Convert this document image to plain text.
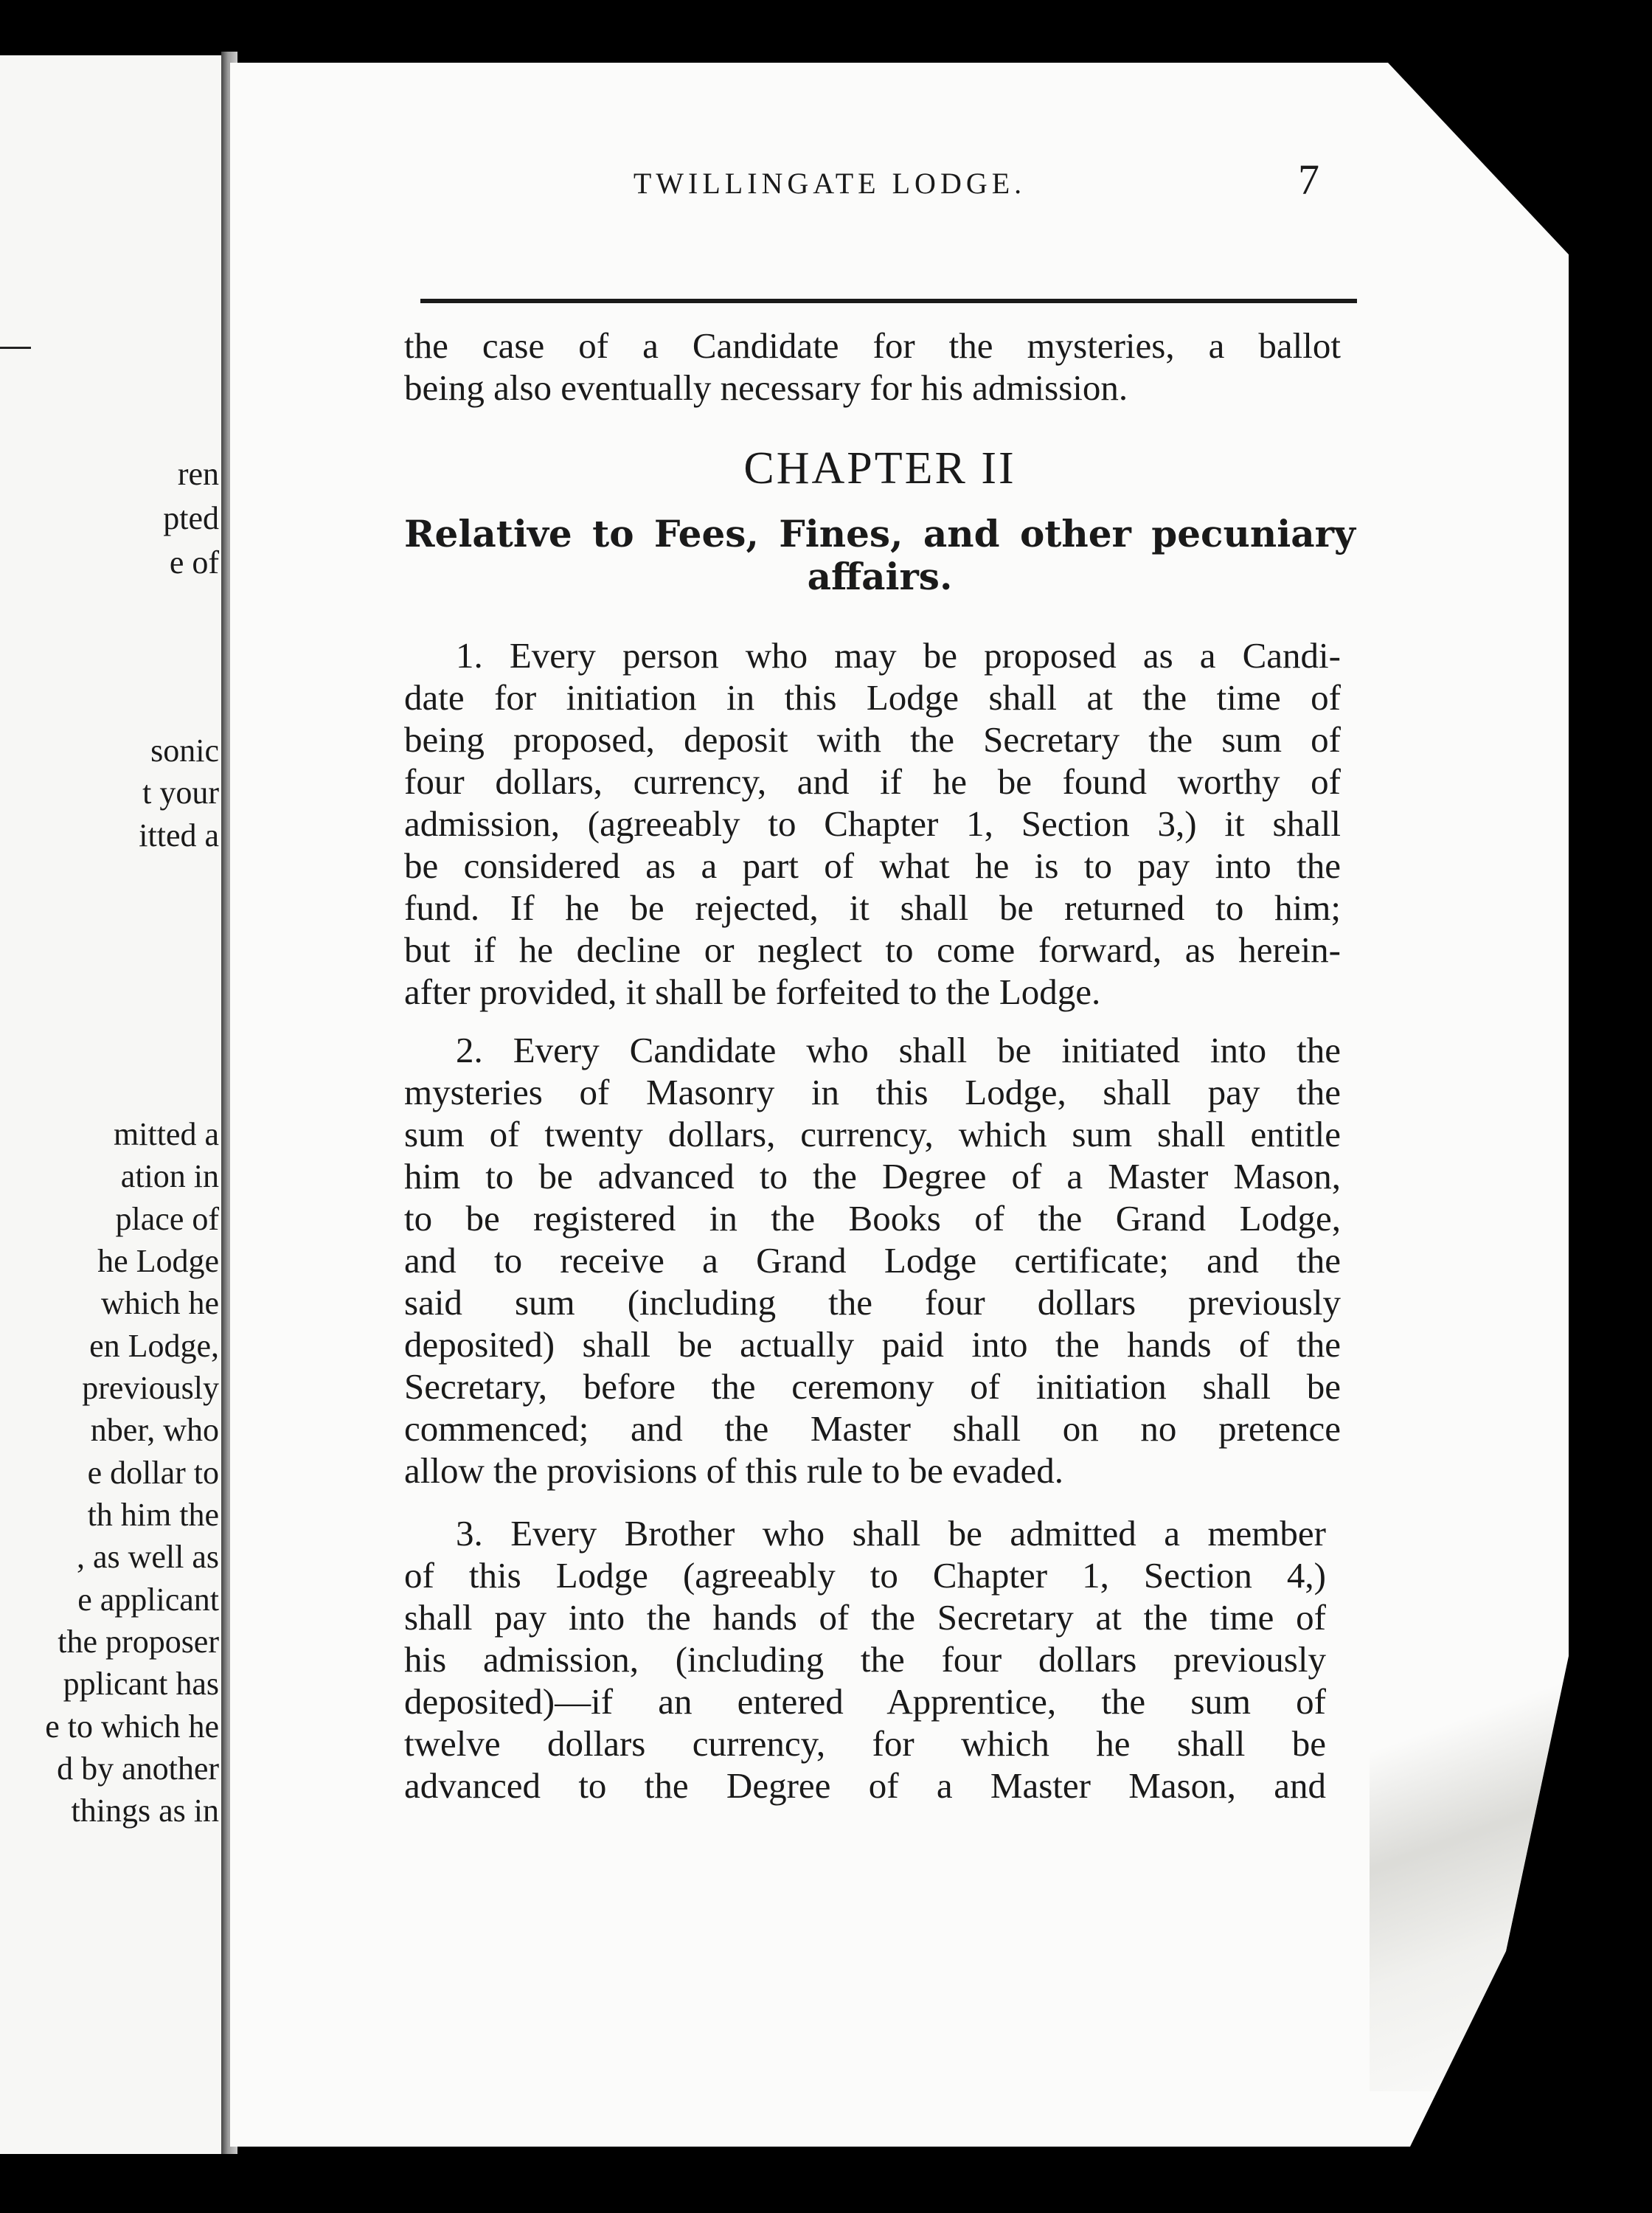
ren
pted
e of
sonic
t your
itted a
mitted a
ation in
place of
he Lodge
which he
en Lodge,
previously
nber, who
e dollar to
th him the
, as well as
e applicant
the proposer
pplicant has
e to which he
d by another
things as in
TWILLINGATE LODGE.	7
the case of a Candidate for the mysteries, a ballot
being also eventually necessary for his admission.
CHAPTER II
Relative to Fees, Fines, and other pecuniary
affairs.
1. Every person who may be proposed as a Candi-
date for initiation in this Lodge shall at the time of
being proposed, deposit with the Secretary the sum of
four dollars, currency, and if he be found worthy of
admission, (agreeably to Chapter 1, Section 3,) it shall
be considered as a part of what he is to pay into the
fund. If he be rejected, it shall be returned to him;
but if he decline or neglect to come forward, as herein-
after provided, it shall be forfeited to the Lodge.
2. Every Candidate who shall be initiated into the
mysteries of Masonry in this Lodge, shall pay the
sum of twenty dollars, currency, which sum shall entitle
him to be advanced to the Degree of a Master Mason,
to be registered in the Books of the Grand Lodge,
and to receive a Grand Lodge certificate; and the
said sum (including the four dollars previously
deposited) shall be actually paid into the hands of the
Secretary, before the ceremony of initiation shall be
commenced; and the Master shall on no pretence
allow the provisions of this rule to be evaded.
3. Every Brother who shall be admitted a member
of this Lodge (agreeably to Chapter 1, Section 4,)
shall pay into the hands of the Secretary at the time of
his admission, (including the four dollars previously
deposited)—if an entered Apprentice, the sum of
twelve dollars currency, for which he shall be
advanced to the Degree of a Master Mason, and
